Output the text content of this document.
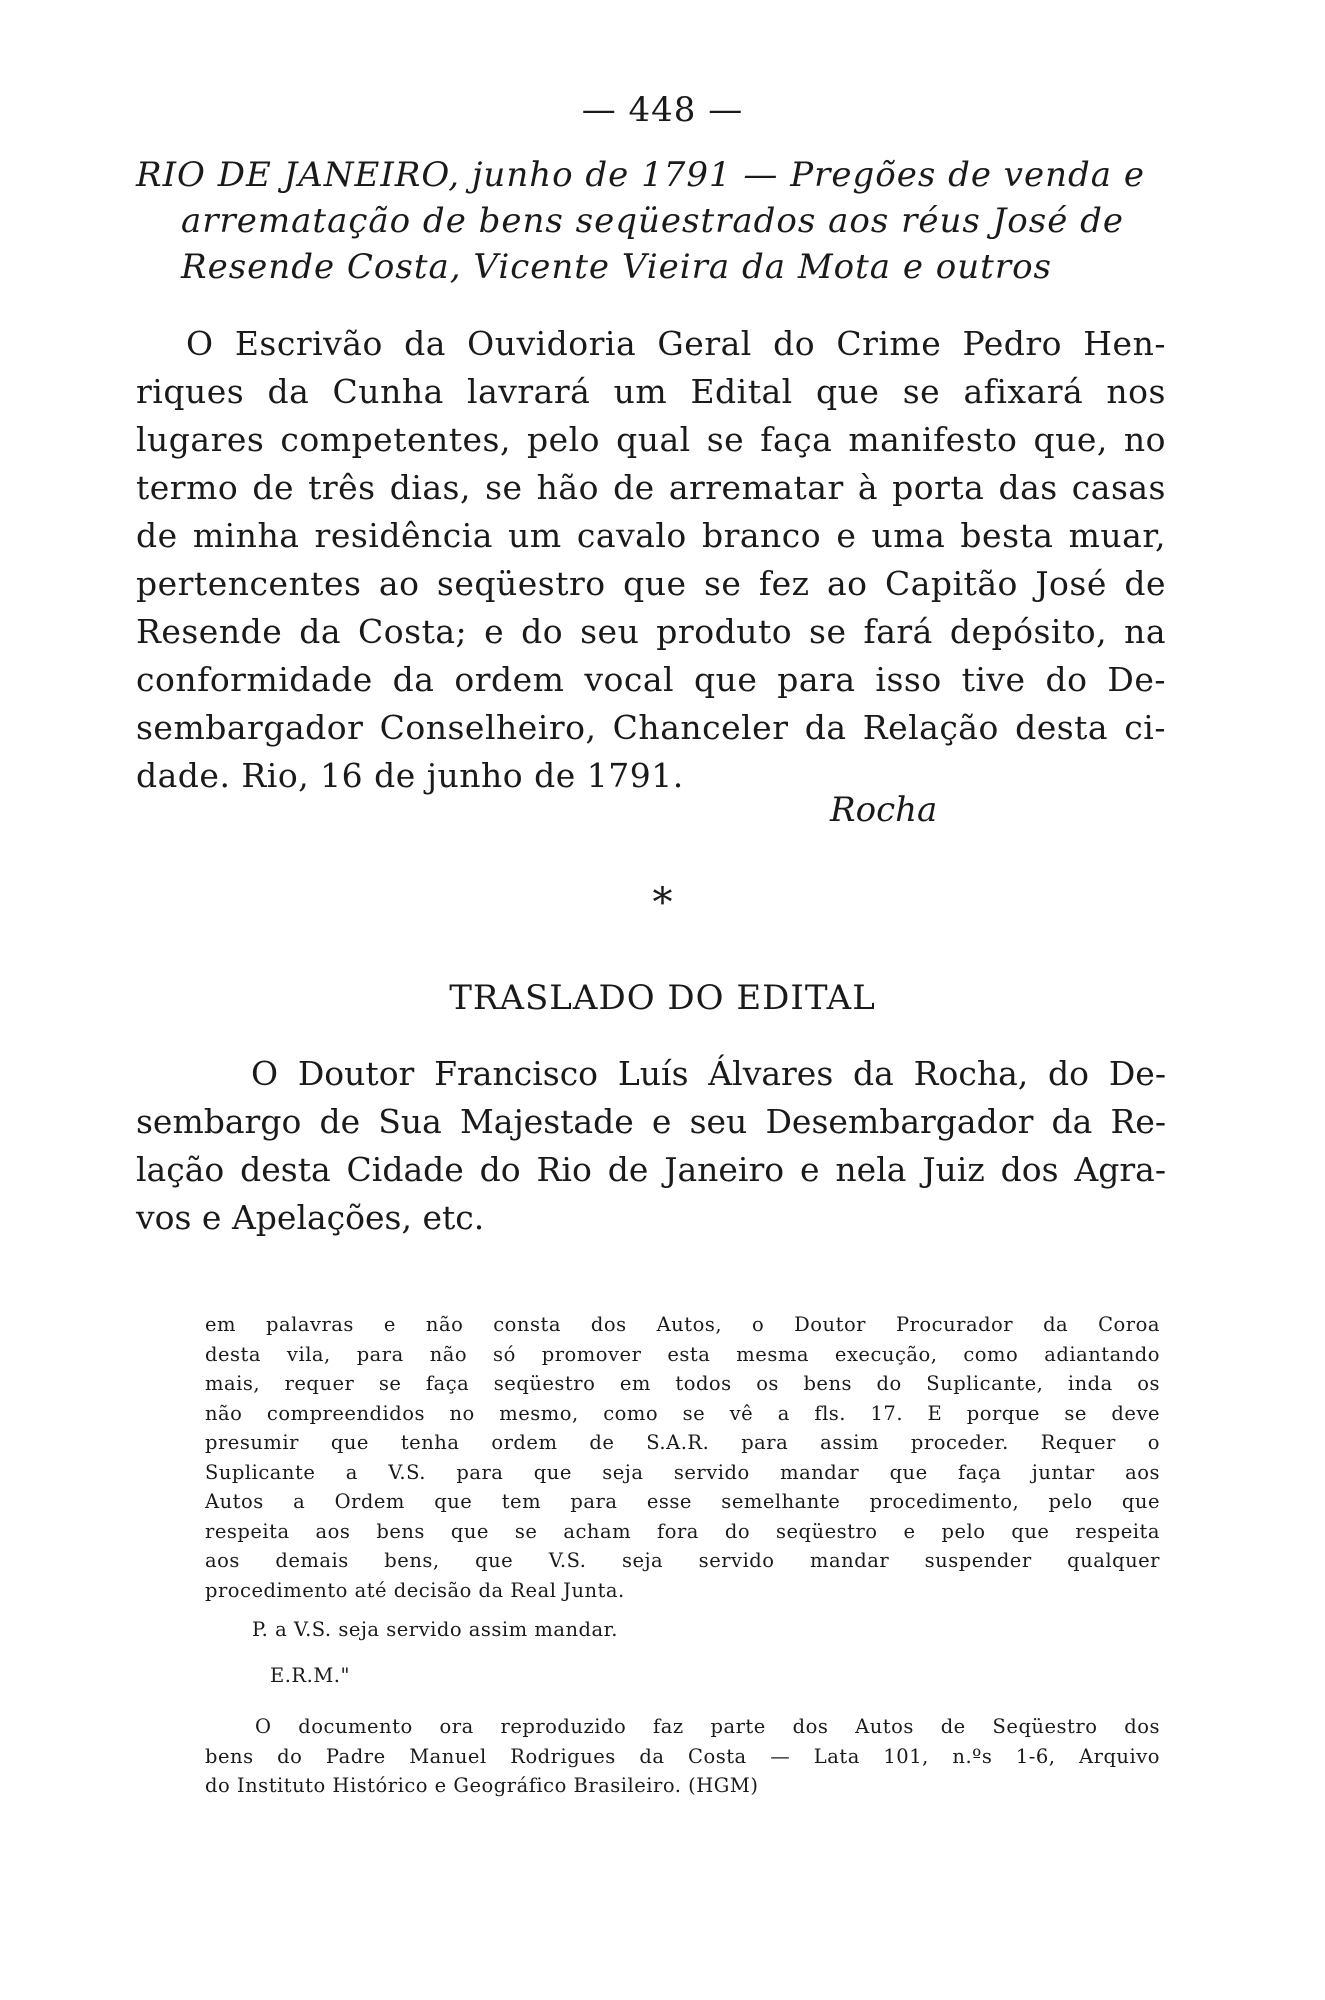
— 448 —
RIO DE JANEIRO, junho de 1791 — Pregões de venda e
arrematação de bens seqüestrados aos réus José de
Resende Costa, Vicente Vieira da Mota e outros
O Escrivão da Ouvidoria Geral do Crime Pedro Hen-
riques da Cunha lavrará um Edital que se afixará nos
lugares competentes, pelo qual se faça manifesto que, no
termo de três dias, se hão de arrematar à porta das casas
de minha residência um cavalo branco e uma besta muar,
pertencentes ao seqüestro que se fez ao Capitão José de
Resende da Costa; e do seu produto se fará depósito, na
conformidade da ordem vocal que para isso tive do De-
sembargador Conselheiro, Chanceler da Relação desta ci-
dade. Rio, 16 de junho de 1791.
Rocha
*
TRASLADO DO EDITAL
O Doutor Francisco Luís Álvares da Rocha, do De-
sembargo de Sua Majestade e seu Desembargador da Re-
lação desta Cidade do Rio de Janeiro e nela Juiz dos Agra-
vos e Apelações, etc.
em palavras e não consta dos Autos, o Doutor Procurador da Coroa
desta vila, para não só promover esta mesma execução, como adiantando
mais, requer se faça seqüestro em todos os bens do Suplicante, inda os
não compreendidos no mesmo, como se vê a fls. 17. E porque se deve
presumir que tenha ordem de S.A.R. para assim proceder. Requer o
Suplicante a V.S. para que seja servido mandar que faça juntar aos
Autos a Ordem que tem para esse semelhante procedimento, pelo que
respeita aos bens que se acham fora do seqüestro e pelo que respeita
aos demais bens, que V.S. seja servido mandar suspender qualquer
procedimento até decisão da Real Junta.
P. a V.S. seja servido assim mandar.
E.R.M."
O documento ora reproduzido faz parte dos Autos de Seqüestro dos
bens do Padre Manuel Rodrigues da Costa — Lata 101, n.ºs 1-6, Arquivo
do Instituto Histórico e Geográfico Brasileiro. (HGM)
